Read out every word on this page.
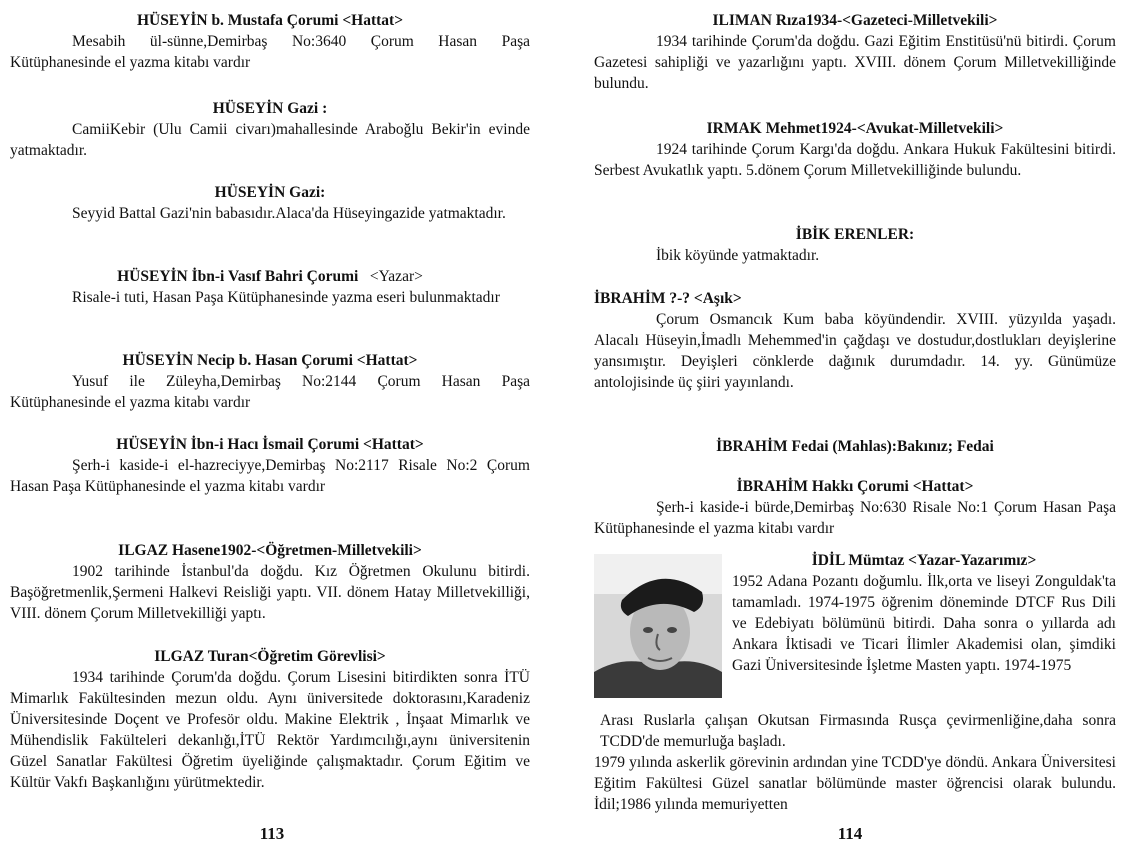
HÜSEYİN b. Mustafa Çorumi <Hattat>
Mesabih ül-sünne,Demirbaş No:3640 Çorum Hasan Paşa Kütüphanesinde el yazma kitabı vardır
HÜSEYİN Gazi :
CamiiKebir (Ulu Camii civarı)mahallesinde Araboğlu Bekir'in evinde yatmaktadır.
HÜSEYİN Gazi:
Seyyid Battal Gazi'nin babasıdır.Alaca'da Hüseyingazide yatmaktadır.
HÜSEYİN İbn-i Vasıf Bahri Çorumi <Yazar>
Risale-i tuti, Hasan Paşa Kütüphanesinde yazma eseri bulunmaktadır
HÜSEYİN Necip b. Hasan Çorumi <Hattat>
Yusuf ile Züleyha,Demirbaş No:2144 Çorum Hasan Paşa Kütüphanesinde el yazma kitabı vardır
HÜSEYİN İbn-i Hacı İsmail Çorumi <Hattat>
Şerh-i kaside-i el-hazreciyye,Demirbaş No:2117 Risale No:2 Çorum Hasan Paşa Kütüphanesinde el yazma kitabı vardır
ILGAZ Hasene1902-<Öğretmen-Milletvekili>
1902 tarihinde İstanbul'da doğdu. Kız Öğretmen Okulunu bitirdi. Başöğretmenlik,Şermeni Halkevi Reisliği yaptı. VII. dönem Hatay Milletvekilliği, VIII. dönem Çorum Milletvekilliği yaptı.
ILGAZ Turan<Öğretim Görevlisi>
1934 tarihinde Çorum'da doğdu. Çorum Lisesini bitirdikten sonra İTÜ Mimarlık Fakültesinden mezun oldu. Aynı üniversitede doktorasını,Karadeniz Üniversitesinde Doçent ve Profesör oldu. Makine Elektrik , İnşaat Mimarlık ve Mühendislik Fakülteleri dekanlığı,İTÜ Rektör Yardımcılığı,aynı üniversitenin Güzel Sanatlar Fakültesi Öğretim üyeliğinde çalışmaktadır. Çorum Eğitim ve Kültür Vakfı Başkanlığını yürütmektedir.
113
ILIMAN Rıza1934-<Gazeteci-Milletvekili>
1934 tarihinde Çorum'da doğdu. Gazi Eğitim Enstitüsü'nü bitirdi. Çorum Gazetesi sahipliği ve yazarlığını yaptı. XVIII. dönem Çorum Milletvekilliğinde bulundu.
IRMAK Mehmet1924-<Avukat-Milletvekili>
1924 tarihinde Çorum Kargı'da doğdu. Ankara Hukuk Fakültesini bitirdi. Serbest Avukatlık yaptı. 5.dönem Çorum Milletvekilliğinde bulundu.
İBİK ERENLER:
İbik köyünde yatmaktadır.
İBRAHİM ?-? <Aşık>
Çorum Osmancık Kum baba köyündendir. XVIII. yüzyılda yaşadı. Alacalı Hüseyin,İmadlı Mehemmed'in çağdaşı ve dostudur,dostlukları deyişlerine yansımıştır. Deyişleri cönklerde dağınık durumdadır. 14. yy. Günümüze antolojisinde üç şiiri yayınlandı.
İBRAHİM Fedai (Mahlas):Bakınız; Fedai
İBRAHİM Hakkı Çorumi <Hattat>
Şerh-i kaside-i bürde,Demirbaş No:630 Risale No:1 Çorum Hasan Paşa Kütüphanesinde el yazma kitabı vardır
İDİL Mümtaz <Yazar-Yazarımız>
1952 Adana Pozantı doğumlu. İlk,orta ve liseyi Zonguldak'ta tamamladı. 1974-1975 öğrenim döneminde DTCF Rus Dili ve Edebiyatı bölümünü bitirdi. Daha sonra o yıllarda adı Ankara İktisadi ve Ticari İlimler Akademisi olan, şimdiki Gazi Üniversitesinde İşletme Masten yaptı. 1974-1975
Arası Ruslarla çalışan Okutsan Firmasında Rusça çevirmenliğine,daha sonra TCDD'de memurluğa başladı.
1979 yılında askerlik görevinin ardından yine TCDD'ye döndü. Ankara Üniversitesi Eğitim Fakültesi Güzel sanatlar bölümünde master öğrencisi olarak bulundu. İdil;1986 yılında memuriyetten
114
